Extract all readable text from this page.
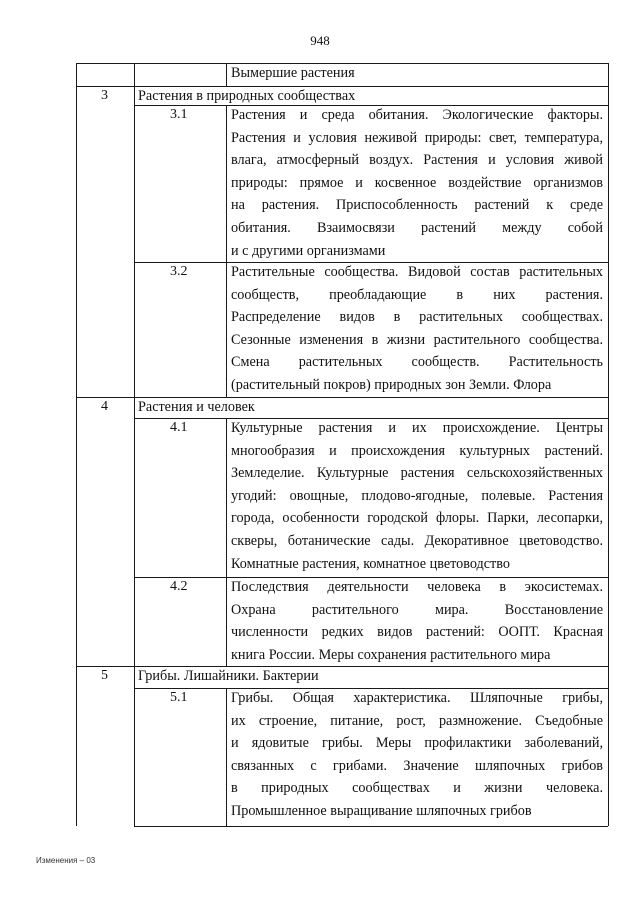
948
Вымершие растения
3 Растения в природных сообществах
3.1	Растения и среда обитания. Экологические факторы.
Растения и условия неживой природы: свет, температура,
влага, атмосферный воздух. Растения и условия живой
природы: прямое и косвенное воздействие организмов
на растения. Приспособленность растений к среде
обитания. Взаимосвязи растений между собой
и с другими организмами
3.2	Растительные сообщества. Видовой состав растительных
сообществ, преобладающие в них растения.
Распределение видов в растительных сообществах.
Сезонные изменения в жизни растительного сообщества.
Смена растительных сообществ. Растительность
(растительный покров) природных зон Земли. Флора
4 Растения и человек
4.1	Культурные растения и их происхождение. Центры
многообразия и происхождения культурных растений.
Земледелие. Культурные растения сельскохозяйственных
угодий: овощные, плодово-ягодные, полевые. Растения
города, особенности городской флоры. Парки, лесопарки,
скверы, ботанические сады. Декоративное цветоводство.
Комнатные растения, комнатное цветоводство
4.2	Последствия деятельности человека в экосистемах.
Охрана растительного мира. Восстановление
численности редких видов растений: ООПТ. Красная
книга России. Меры сохранения растительного мира
5 Грибы. Лишайники. Бактерии
5.1	Грибы. Общая характеристика. Шляпочные грибы,
их строение, питание, рост, размножение. Съедобные
и ядовитые грибы. Меры профилактики заболеваний,
связанных с грибами. Значение шляпочных грибов
в природных сообществах и жизни человека.
Промышленное выращивание шляпочных грибов
Изменения – 03
